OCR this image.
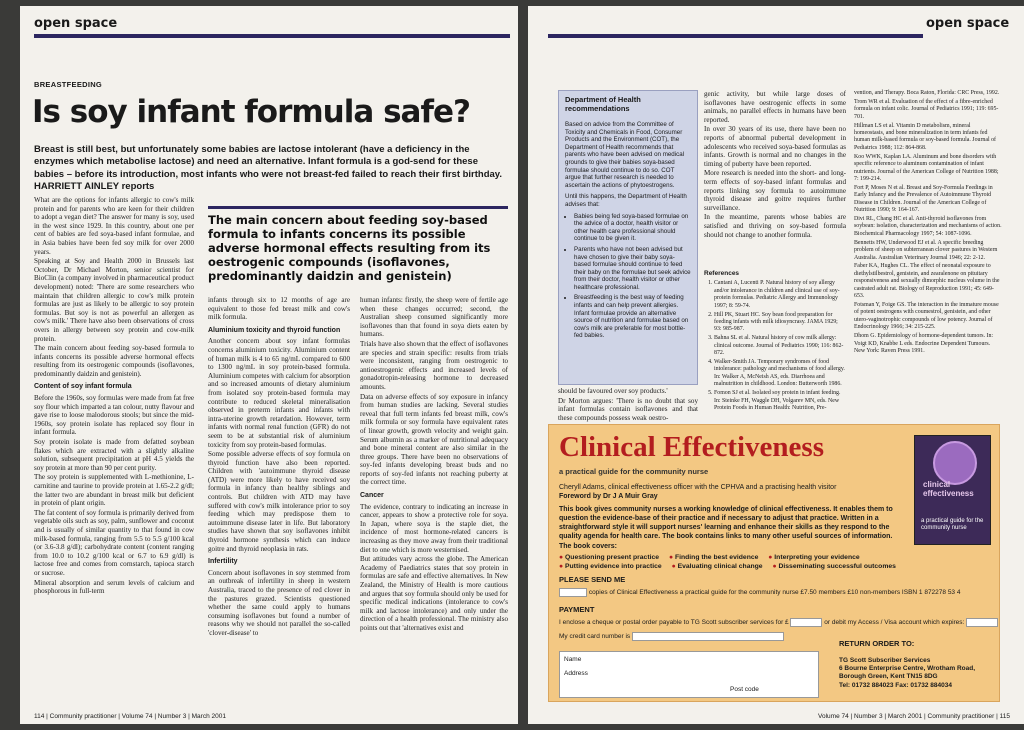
open space
BREASTFEEDING
Is soy infant formula safe?
Breast is still best, but unfortunately some babies are lactose intolerant (have a deficiency in the enzymes which metabolise lactose) and need an alternative. Infant formula is a god-send for these babies – before its introduction, most infants who were not breast-fed failed to reach their first birthday. HARRIETT AINLEY reports

What are the options for infants allergic to cow's milk protein and for parents who are keen for their children to adopt a vegan diet? The answer for many is soy, used in the west since 1929. In this country, about one per cent of babies are fed soya-based infant formulae, and in Asia babies have been fed soy milk for over 2000 years.

Speaking at Soy and Health 2000 in Brussels last October, Dr Michael Morton, senior scientist for BioClin (a company involved in pharmaceutical product development) noted: 'There are some researchers who maintain that children allergic to cow's milk protein formulas are just as likely to be allergic to soy protein formulas. But soy is not as powerful an allergen as cow's milk.' There have also been observations of cross overs in allergy between soy protein and cow-milk protein.

The main concern about feeding soy-based formula to infants concerns its possible adverse hormonal effects resulting from its oestrogenic compounds (isoflavones, predominantly daidzin and genistein).

Content of soy infant formula

Before the 1960s, soy formulas were made from fat free soy flour which imparted a tan colour, nutty flavour and gave rise to loose malodorous stools; but since the mid-1960s, soy protein isolate has replaced soy flour in infant formula.

Soy protein isolate is made from defatted soybean flakes which are extracted with a slightly alkaline solution, subsequent precipitation at pH 4.5 yields the soy protein at more than 90 per cent purity.

The soy protein is supplemented with L-methionine, L-carnitine and taurine to provide protein at 1.65-2.2 g/dl; the latter two are abundant in breast milk but deficient in protein of plant origin.

The fat content of soy formula is primarily derived from vegetable oils such as soy, palm, sunflower and coconut and is usually of similar quantity to that found in cow milk-based formula, ranging from 5.5 to 5.5 g/100 kcal (or 3.6-3.8 g/dl); carbohydrate content (content ranging from 10.0 to 10.2 g/100 kcal or 6.7 to 6.9 g/dl) is lactose free and comes from cornstarch, tapioca starch or sucrose.

Mineral absorption and serum levels of calcium and phosphorous in full-term

The main concern about feeding soy-based formula to infants concerns its possible adverse hormonal effects resulting from its oestrogenic compounds (isoflavones, predominantly daidzin and genistein)

infants through six to 12 months of age are equivalent to those fed breast milk and cow's milk formula.

Aluminium toxicity and thyroid function

Another concern about soy infant formulas concerns aluminium toxicity. Aluminium content of human milk is 4 to 65 ng/mL compared to 600 to 1300 ng/mL in soy protein-based formula. Aluminium competes with calcium for absorption and so increased amounts of dietary aluminium from isolated soy protein-based formula may contribute to reduced skeletal mineralisation observed in preterm infants and infants with intra-uterine growth retardation. However, term infants with normal renal function (GFR) do not seem to be at substantial risk of aluminium toxicity from soy protein-based formulas.

Some possible adverse effects of soy formula on thyroid function have also been reported. Children with 'autoimmune thyroid disease (ATD) were more likely to have received soy formula in infancy than healthy siblings and controls. But children with ATD may have suffered with cow's milk intolerance prior to soy feeding which may predispose them to autoimmune disease later in life. But laboratory studies have shown that soy isoflavones inhibit thyroid hormone synthesis which can induce goitre and thyroid neoplasia in rats.

Infertility

Concern about isoflavones in soy stemmed from an outbreak of infertility in sheep in western Australia, traced to the presence of red clover in the pastures grazed. Scientists questioned whether the same could apply to humans consuming isoflavones but found a number of reasons why we should not parallel the so-called 'clover-disease' to

human infants: firstly, the sheep were of fertile age when these changes occurred; second, the Australian sheep consumed significantly more isoflavones than that found in soya diets eaten by humans.

Trials have also shown that the effect of isoflavones are species and strain specific: results from trials were inconsistent, ranging from oestrogenic to antioestrogenic effects and increased levels of gonadotropin-releasing hormone to decreased amounts.

Data on adverse effects of soy exposure in infancy from human studies are lacking. Several studies reveal that full term infants fed breast milk, cow's milk formula or soy formula have equivalent rates of linear growth, growth velocity and weight gain. Serum albumin as a marker of nutritional adequacy and bone mineral content are also similar in the three groups. There have been no observations of soy-fed infants developing breast buds and no reports of soy-fed infants not reaching puberty at the correct time.

Cancer

The evidence, contrary to indicating an increase in cancer, appears to show a protective role for soya. In Japan, where soya is the staple diet, the incidence of most hormone-related cancers is increasing as they move away from their traditional diet to one which is more westernised.

But attitudes vary across the globe. The American Academy of Paediatrics states that soy protein in formulas are safe and effective alternatives. In New Zealand, the Ministry of Health is more cautious and argues that soy formula should only be used for specific medical indications (intolerance to cow's milk and lactose intolerance) and only under the direction of a health professional. The ministry also points out that 'alternatives exist and

114 | Community practitioner | Volume 74 | Number 3 | March 2001
open space
Department of Health recommendations

Based on advice from the Committee of Toxicity and Chemicals in Food, Consumer Products and the Environment (COT), the Department of Health recommends that parents who have been advised on medical grounds to give their babies soya-based formulae should continue to do so. COT argue that further research is needed to ascertain the actions of phytoestrogens.

Until this happens, the Department of Health advises that:

• Babies being fed soya-based formulae on the advice of a doctor, health visitor or other health care professional should continue to be given it.
• Parents who have not been advised but have chosen to give their baby soya-based formulae should continue to feed their baby on the formulae but seek advice from their doctor, health visitor or other healthcare professional.
• Breastfeeding is the best way of feeding infants and can help prevent allergies. Infant formulae provide an alternative source of nutrition and formulae based on cow's milk are preferable for most bottle-fed babies.

should be favoured over soy products.'

Dr Morton argues: 'There is no doubt that soy infant formulas contain isoflavones and that these compounds possess weak oestro-

genic activity, but while large doses of isoflavones have oestrogenic effects in some animals, no parallel effects in humans have been reported.

In over 30 years of its use, there have been no reports of abnormal pubertal development in adolescents who received soya-based formulas as infants. Growth is normal and no changes in the timing of puberty have been reported.

More research is needed into the short- and long-term effects of soy-based infant formulas and reports linking soy formula to autoimmune thyroid disease and goitre requires further surveillance.

In the meantime, parents whose babies are satisfied and thriving on soy-based formula should not change to another formula.

References
1. Cantani A, Lucenti P. Natural history of soy allergy and/or intolerance in children and clinical use of soy-protein formulas. Pediatric Allergy and Immunology 1997; 8: 59-74.
2. Hill PK, Stuart HC. Soy bean food preparation for feeding infants with milk idiosyncrasy. JAMA 1929; 93: 985-987.
3. Bahna SL et al. Natural history of cow milk allergy: clinical outcome. Journal of Pediatrics 1990; 116: 862-872.
4. Walker-Smith JA. Temporary syndromes of food intolerance: pathology and mechanisms of food allergy. In: Walker A, McNeish AS, eds. Diarrhoea and malnutrition in childhood. London: Butterworth 1986.
5. Fomon SJ et al. Isolated soy protein in infant feeding. In: Steinke FH, Waggle DH, Volgarev MN, eds. New Protein Foods in Human Health: Nutrition, Pre-
vention, and Therapy. Boca Raton, Florida: CRC Press, 1992.
Trom WR et al. Evaluation of the effect of a fibre-enriched formula on infant colic. Journal of Pediatrics 1991; 119: 695-701.
Hillman LS et al. Vitamin D metabolism, mineral homeostasis, and bone mineralization in term infants fed human milk-based formula or soy-based formula. Journal of Pediatrics 1988; 112: 864-868.
Koo WWK, Kaplan LA. Aluminum and bone disorders with specific reference to aluminum contamination of infant nutrients. Journal of the American College of Nutrition 1988; 7: 199-214.
Fort P, Moses N et al. Breast and Soy-Formula Feedings in Early Infancy and the Prevalence of Autoimmune Thyroid Disease in Children. Journal of the American College of Nutrition 1990; 9: 164-167.
Divi RL, Chang HC et al. Anti-thyroid isoflavones from soybean: isolation, characterization and mechanisms of action. Biochemical Pharmacology 1997; 54: 1087-1096.
Bennetts HW, Underwood EJ et al. A specific breeding problem of sheep on subterranean clover pastures in Western Australia. Australian Veterinary Journal 1946; 22: 2-12.
Faber KA, Hughes CL. The effect of neonatal exposure to diethylstilbestrol, genistein, and zearalenone on pituitary responsiveness and sexually dimorphic nucleus volume in the castrated adult rat. Biology of Reproduction 1991; 45: 649-653.
Fotsman Y, Foige GS. The interaction in the immature mouse of potent oestrogens with coumestrol, genistein, and other utero-vaginotrophic compounds of low potency. Journal of Endocrinology 1966; 34: 215-225.
Dhom G. Epidemiology of hormone-dependent tumors. In: Voigt KD, Knabbe L eds. Endocrine Dependent Tumours. New York: Raven Press 1991.
Clinical Effectiveness
a practical guide for the community nurse
Cheryll Adams, clinical effectiveness officer with the CPHVA and a practising health visitor
Foreword by Dr J A Muir Gray
This book gives community nurses a working knowledge of clinical effectiveness. It enables them to question the evidence-base of their practice and if necessary to adjust that practice. Written in a straightforward style it will support nurses' learning and enhance their skills as they respond to the quality agenda for health care. The book contains links to many other useful sources of information.
clinical effectiveness
a practical guide for the community nurse
The book covers:
● Questioning present practice ● Finding the best evidence ● Interpreting your evidence
● Putting evidence into practice ● Evaluating clinical change ● Disseminating successful outcomes
PLEASE SEND ME
copies of Clinical Effectiveness a practical guide for the community nurse £7.50 members £10 non-members ISBN 1 872278 53 4
PAYMENT
I enclose a cheque or postal order payable to TG Scott subscriber services for £	or debit my Access / Visa account which expires:
My credit card number is
Name
Address
Post code
RETURN ORDER TO:
TG Scott Subscriber Services
6 Bourne Enterprise Centre, Wrotham Road,
Borough Green, Kent TN15 8DG
Tel: 01732 884023 Fax: 01732 884034
Volume 74 | Number 3 | March 2001 | Community practitioner | 115
